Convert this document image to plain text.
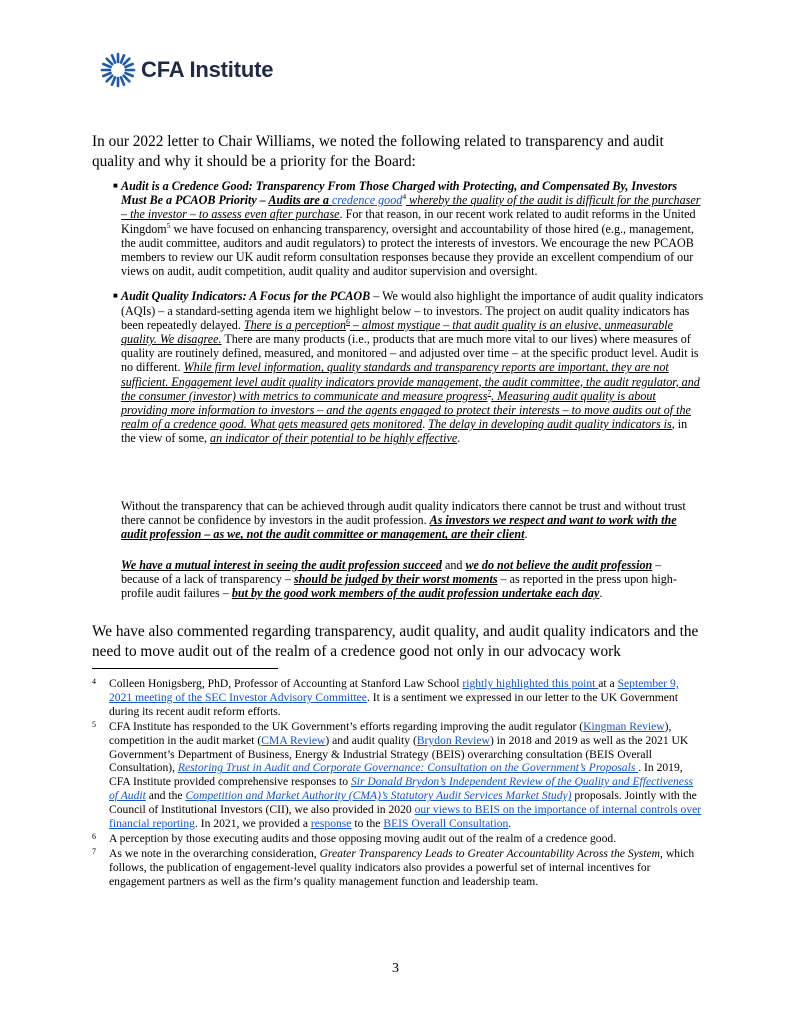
CFA Institute

In our 2022 letter to Chair Williams, we noted the following related to transparency and audit quality and why it should be a priority for the Board:

■ Audit is a Credence Good: Transparency From Those Charged with Protecting, and Compensated By, Investors Must Be a PCAOB Priority – Audits are a credence good$^4$ whereby the quality of the audit is difficult for the purchaser – the investor – to assess even after purchase. For that reason, in our recent work related to audit reforms in the United Kingdom$^5$ we have focused on enhancing transparency, oversight and accountability of those hired (e.g., management, the audit committee, auditors and audit regulators) to protect the interests of investors. We encourage the new PCAOB members to review our UK audit reform consultation responses because they provide an excellent compendium of our views on audit, audit competition, audit quality and auditor supervision and oversight.
■ Audit Quality Indicators: A Focus for the PCAOB – We would also highlight the importance of audit quality indicators (AQIs) – a standard-setting agenda item we highlight below – to investors. The project on audit quality indicators has been repeatedly delayed. There is a perception$^6$ – almost mystique – that audit quality is an elusive, unmeasurable quality. We disagree. There are many products (i.e., products that are much more vital to our lives) where measures of quality are routinely defined, measured, and monitored – and adjusted over time – at the specific product level. Audit is no different. While firm level information, quality standards and transparency reports are important, they are not sufficient. Engagement level audit quality indicators provide management, the audit committee, the audit regulator, and the consumer (investor) with metrics to communicate and measure progress$^7$. Measuring audit quality is about providing more information to investors – and the agents engaged to protect their interests – to move audits out of the realm of a credence good. What gets measured gets monitored. The delay in developing audit quality indicators is, in the view of some, an indicator of their potential to be highly effective.

Without the transparency that can be achieved through audit quality indicators there cannot be trust and without trust there cannot be confidence by investors in the audit profession. As investors we respect and want to work with the audit profession – as we, not the audit committee or management, are their client.

We have a mutual interest in seeing the audit profession succeed and we do not believe the audit profession – because of a lack of transparency – should be judged by their worst moments – as reported in the press upon high-profile audit failures – but by the good work members of the audit profession undertake each day.

We have also commented regarding transparency, audit quality, and audit quality indicators and the need to move audit out of the realm of a credence good not only in our advocacy work

4 Colleen Honigsberg, PhD, Professor of Accounting at Stanford Law School rightly highlighted this point at a September 9, 2021 meeting of the SEC Investor Advisory Committee. It is a sentiment we expressed in our letter to the UK Government during its recent audit reform efforts.
5 CFA Institute has responded to the UK Government’s efforts regarding improving the audit regulator (Kingman Review), competition in the audit market (CMA Review) and audit quality (Brydon Review) in 2018 and 2019 as well as the 2021 UK Government’s Department of Business, Energy & Industrial Strategy (BEIS) overarching consultation (BEIS Overall Consultation), Restoring Trust in Audit and Corporate Governance: Consultation on the Government’s Proposals . In 2019, CFA Institute provided comprehensive responses to Sir Donald Brydon’s Independent Review of the Quality and Effectiveness of Audit and the Competition and Market Authority (CMA)’s Statutory Audit Services Market Study) proposals. Jointly with the Council of Institutional Investors (CII), we also provided in 2020 our views to BEIS on the importance of internal controls over financial reporting. In 2021, we provided a response to the BEIS Overall Consultation.
6 A perception by those executing audits and those opposing moving audit out of the realm of a credence good.
7 As we note in the overarching consideration, Greater Transparency Leads to Greater Accountability Across the System, which follows, the publication of engagement-level quality indicators also provides a powerful set of internal incentives for engagement partners as well as the firm’s quality management function and leadership team.
3
